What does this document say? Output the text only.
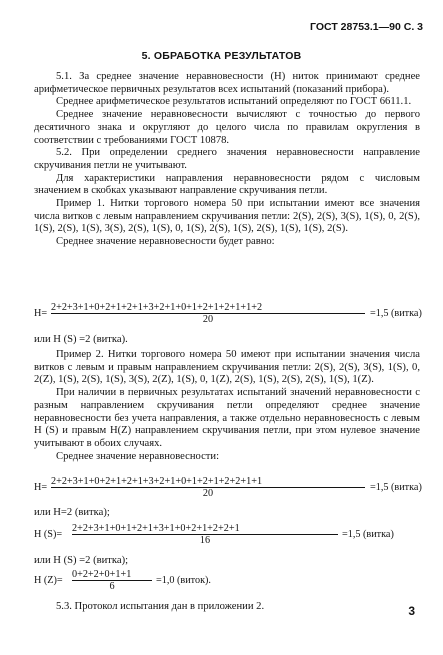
ГОСТ 28753.1—90 С. 3
5. ОБРАБОТКА РЕЗУЛЬТАТОВ

5.1. За среднее значение неравновесности (H) ниток принимают среднее арифметическое первичных результатов всех испытаний (показаний прибора).

Среднее арифметическое результатов испытаний определяют по ГОСТ 6611.1.

Среднее значение неравновесности вычисляют с точностью до первого десятичного знака и округляют до целого числа по правилам округления в соответствии с требованиями ГОСТ 10878.

5.2. При определении среднего значения неравновесности направление скручивания петли не учитывают.

Для характеристики направления неравновесности рядом с числовым значением в скобках указывают направление скручивания петли.

Пример 1. Нитки торгового номера 50 при испытании имеют все значения числа витков с левым направлением скручивания петли: 2(S), 2(S), 3(S), 1(S), 0, 2(S), 1(S), 2(S), 1(S), 3(S), 2(S), 1(S), 0, 1(S), 2(S), 1(S), 2(S), 1(S), 1(S), 2(S).

Среднее значение неравновесности будет равно:

$H= \frac{2+2+3+1+0+2+1+2+1+3+2+1+0+1+2+1+2+1+1+2}{20} =1,5$ (витка)
или H (S) =2 (витка).

Пример 2. Нитки торгового номера 50 имеют при испытании значения числа витков с левым и правым направлением скручивания петли: 2(S), 2(S), 3(S), 1(S), 0, 2(Z), 1(S), 2(S), 1(S), 3(S), 2(Z), 1(S), 0, 1(Z), 2(S), 1(S), 2(S), 2(S), 1(S), 1(Z).

При наличии в первичных результатах испытаний значений неравновесности с разным направлением скручивания петли определяют среднее значение неравновесности без учета направления, а также отдельно неравновесность с левым H (S) и правым H(Z) направлением скручивания петли, при этом нулевое значение учитывают в обоих случаях.

Среднее значение неравновесности:

$H= \frac{2+2+3+1+0+2+1+2+1+3+2+1+0+1+2+1+2+2+1+1}{20} =1,5$ (витка)
или H=2 (витка);
H $(S)= \frac{2+2+3+1+0+1+2+1+3+1+0+2+1+2+2+1}{16} =1,5$ (витка)
или H (S) =2 (витка);
H $(Z)= \frac{0+2+2+0+1+1}{6} =1,0$ (виток).

5.3. Протокол испытания дан в приложении 2.	3
